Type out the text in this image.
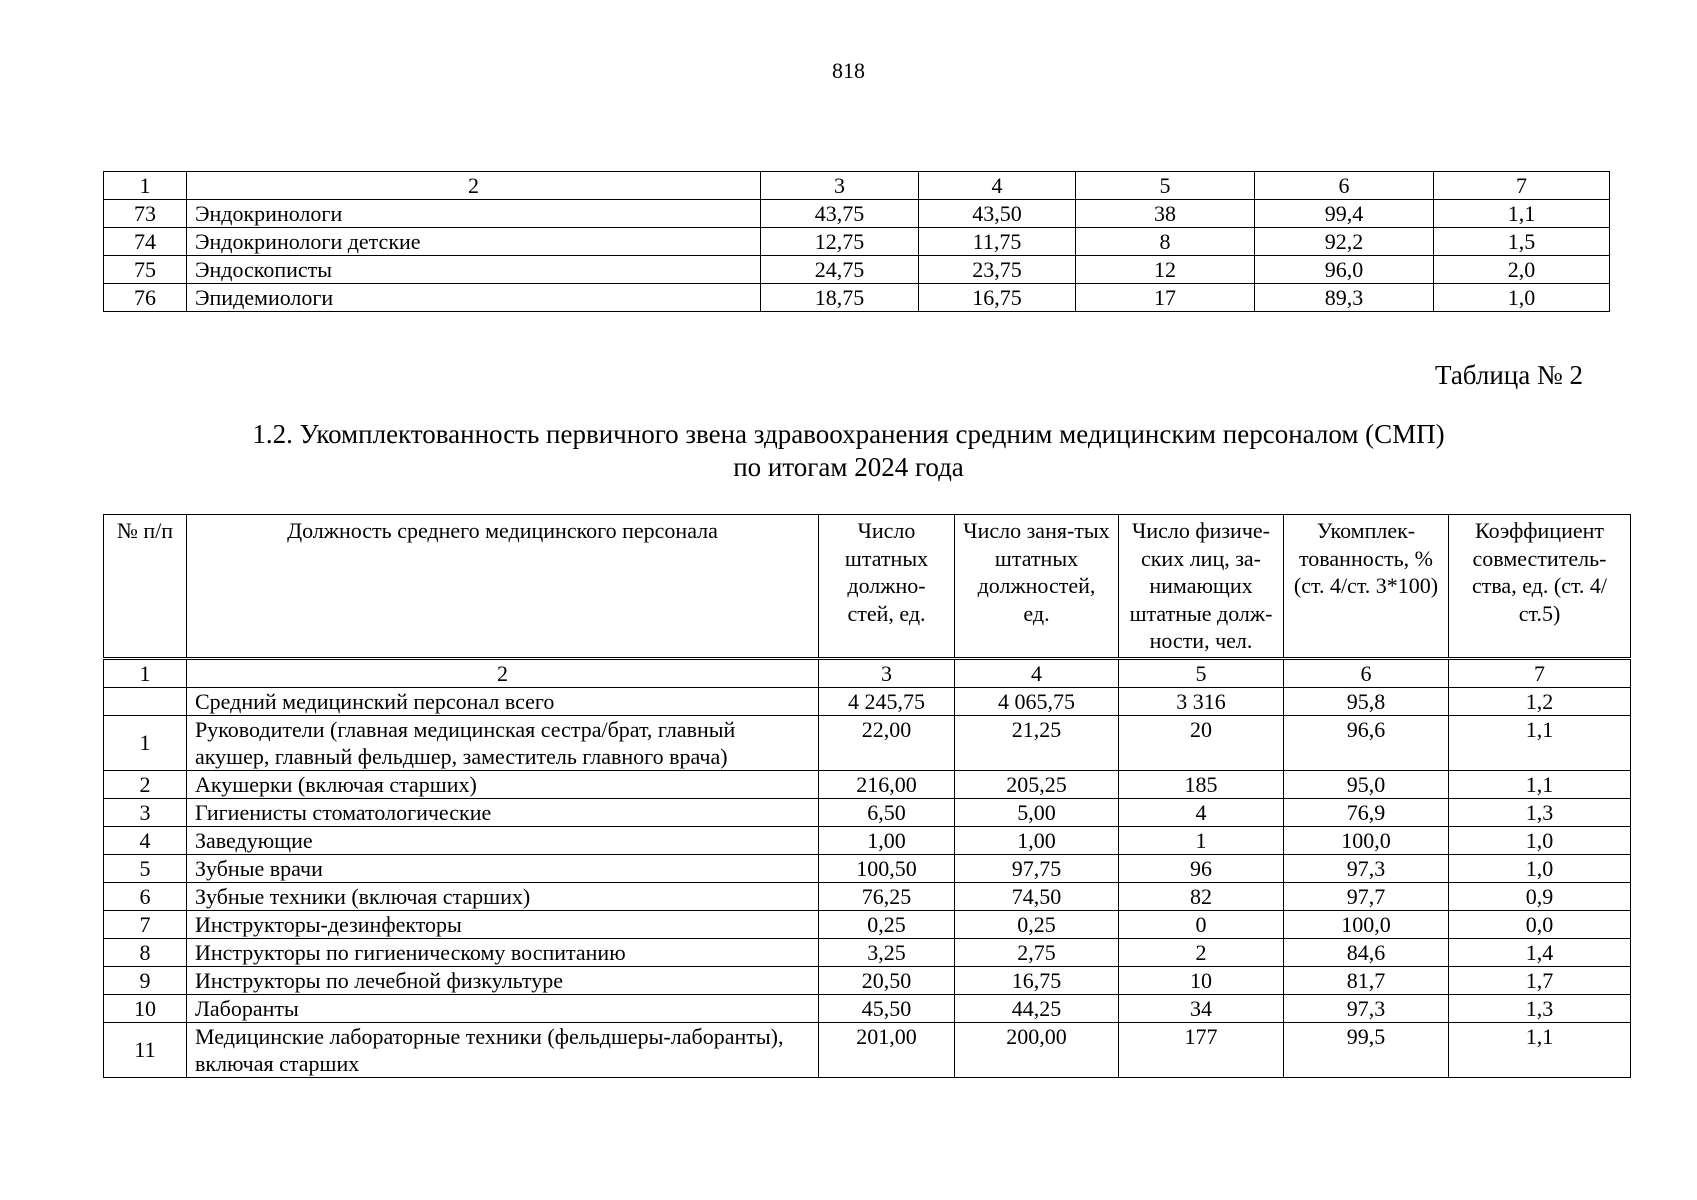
818
1	2	3	4	5	6	7
73	Эндокринологи	43,75	43,50	38	99,4	1,1
74	Эндокринологи детские	12,75	11,75	8	92,2	1,5
75	Эндоскописты	24,75	23,75	12	96,0	2,0
76	Эпидемиологи	18,75	16,75	17	89,3	1,0
Таблица № 2
1.2. Укомплектованность первичного звена здравоохранения средним медицинским персоналом (СМП)
по итогам 2024 года
№ п/п	Должность среднего медицинского персонала	Число штатных должно-стей, ед.	Число заня-тых штатных должностей, ед.	Число физиче-ских лиц, за-нимающих штатные долж-ности, чел.	Укомплек-тованность, % (ст. 4/ст. 3*100)	Коэффициент совместитель-ства, ед. (ст. 4/ст.5)
1	2	3	4	5	6	7
	Средний медицинский персонал всего	4 245,75	4 065,75	3 316	95,8	1,2
1	Руководители (главная медицинская сестра/брат, главный акушер, главный фельдшер, заместитель главного врача)	22,00	21,25	20	96,6	1,1
2	Акушерки (включая старших)	216,00	205,25	185	95,0	1,1
3	Гигиенисты стоматологические	6,50	5,00	4	76,9	1,3
4	Заведующие	1,00	1,00	1	100,0	1,0
5	Зубные врачи	100,50	97,75	96	97,3	1,0
6	Зубные техники (включая старших)	76,25	74,50	82	97,7	0,9
7	Инструкторы-дезинфекторы	0,25	0,25	0	100,0	0,0
8	Инструкторы по гигиеническому воспитанию	3,25	2,75	2	84,6	1,4
9	Инструкторы по лечебной физкультуре	20,50	16,75	10	81,7	1,7
10	Лаборанты	45,50	44,25	34	97,3	1,3
11	Медицинские лабораторные техники (фельдшеры-лаборанты), включая старших	201,00	200,00	177	99,5	1,1
